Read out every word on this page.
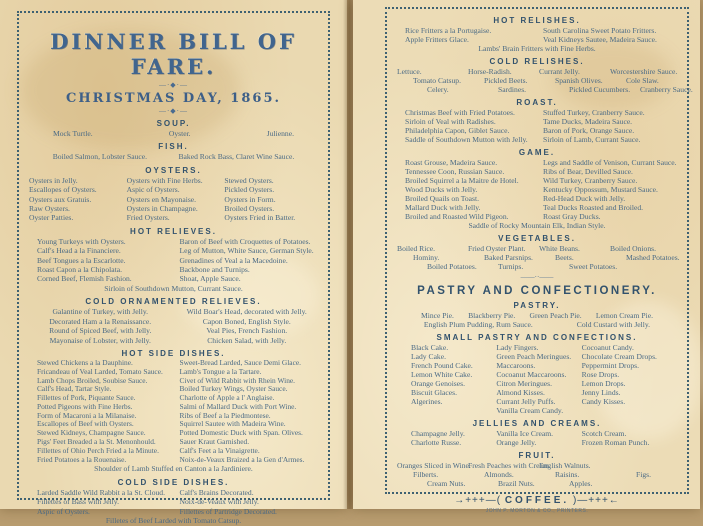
DINNER BILL OF FARE.
—·◆·—
CHRISTMAS DAY, 1865.
—·◆·—
SOUP.
Mock Turtle.	Oyster.	Julienne.
FISH.
Boiled Salmon, Lobster Sauce.	Baked Rock Bass, Claret Wine Sauce.
OYSTERS.
Oysters in Jelly.
Escallopes of Oysters.
Oysters aux Gratuis.
Raw Oysters.
Oyster Patties.
Oysters with Fine Herbs.
Aspic of Oysters.
Oysters en Mayonaise.
Oysters in Champagne.
Fried Oysters.
Stewed Oysters.
Pickled Oysters.
Oysters in Form.
Broiled Oysters.
Oysters Fried in Batter.
HOT RELIEVES.
Young Turkeys with Oysters.
Calf's Head a la Financiere.
Beef Tongues a la Escarlotte.
Roast Capon a la Chipolata.
Corned Beef, Flemish Fashion.
Baron of Beef with Croquettes of Potatoes.
Leg of Mutton, White Sauce, German Style.
Grenadines of Veal a la Macedoine.
Backbone and Turnips.
Shoat, Apple Sauce.
Sirloin of Southdown Mutton, Currant Sauce.
COLD ORNAMENTED RELIEVES.
Galantine of Turkey, with Jelly.
Decorated Ham a la Renaissance.
Round of Spiced Beef, with Jelly.
Mayonaise of Lobster, with Jelly.
Wild Boar's Head, decorated with Jelly.
Capon Boned, English Style.
Veal Pies, French Fashion.
Chicken Salad, with Jelly.
HOT SIDE DISHES.
Stewed Chickens a la Dauphine.
Fricandeau of Veal Larded, Tomato Sauce.
Lamb Chops Broiled, Soubise Sauce.
Calf's Head, Tartar Style.
Fillettes of Pork, Piquante Sauce.
Potted Pigeons with Fine Herbs.
Form of Macaroni a la Milanaise.
Escallopes of Beef with Oysters.
Stewed Kidneys, Champagne Sauce.
Pigs' Feet Breaded a la St. Menonhould.
Fillettes of Ohio Perch Fried a la Minute.
Fried Potatoes a la Rouenaise.
Sweet-Bread Larded, Sauce Demi Glace.
Lamb's Tongue a la Tartare.
Civet of Wild Rabbit with Rhein Wine.
Boiled Turkey Wings, Oyster Sauce.
Charlotte of Apple a l' Anglaise.
Salmi of Mallard Duck with Port Wine.
Ribs of Beef a la Piedmontese.
Squirrel Sautee with Madeira Wine.
Potted Domestic Duck with Span. Olives.
Sauer Kraut Garnished.
Calf's Feet a la Vinaigrette.
Noix-de-Veaux Braized a la Gen d'Armes.
Shoulder of Lamb Stuffed en Canton a la Jardiniere.
COLD SIDE DISHES.
Larded Saddle Wild Rabbit a la St. Cloud.
Fillettes of Bass with Jelly.
Aspic of Oysters.
Calf's Brains Decorated.
Noix-de-Veaux with Jelly.
Fillettes of Partridge Decorated.
Filletes of Beef Larded with Tomato Catsup.
HOT RELISHES.
Rice Fritters a la Portugaise.
Apple Fritters Glace.
South Carolina Sweet Potato Fritters.
Veal Kidneys Sautee, Madeira Sauce.
Lambs' Brain Fritters with Fine Herbs.
COLD RELISHES.
Lettuce.
Tomato Catsup.
Celery.
Horse-Radish.
Pickled Beets.
Sardines.
Currant Jelly.
Spanish Olives.
Pickled Cucumbers.
Worcestershire Sauce.
Cole Slaw.
Cranberry Sauce.
ROAST.
Christmas Beef with Fried Potatoes.
Sirloin of Veal with Radishes.
Philadelphia Capon, Giblet Sauce.
Saddle of Southdown Mutton with Jelly.
Stuffed Turkey, Cranberry Sauce.
Tame Ducks, Madeira Sauce.
Baron of Pork, Orange Sauce.
Sirloin of Lamb, Currant Sauce.
GAME.
Roast Grouse, Madeira Sauce.
Tennessee Coon, Russian Sauce.
Broiled Squirrel a la Maitre de Hotel.
Wood Ducks with Jelly.
Broiled Quails on Toast.
Mallard Duck with Jelly.
Broiled and Roasted Wild Pigeon.
Legs and Saddle of Venison, Currant Sauce.
Ribs of Bear, Devilled Sauce.
Wild Turkey, Cranberry Sauce.
Kentucky Oppossum, Mustard Sauce.
Red-Head Duck with Jelly.
Teal Ducks Roasted and Broiled.
Roast Gray Ducks.
Saddle of Rocky Mountain Elk, Indian Style.
VEGETABLES.
Boiled Rice.
Hominy.
Boiled Potatoes.
Fried Oyster Plant.
Baked Parsnips.
Turnips.
White Beans.
Beets.
Sweet Potatoes.
Boiled Onions.
Mashed Potatoes.
——··——
PASTRY AND CONFECTIONERY.
PASTRY.
Mince Pie. Blackberry Pie. Green Peach Pie. Lemon Cream Pie.
English Plum Pudding, Rum Sauce.	Cold Custard with Jelly.
SMALL PASTRY AND CONFECTIONS.
Black Cake.
Lady Cake.
French Pound Cake.
Lemon White Cake.
Orange Genoises.
Biscuit Glaces.
Algerines.
Lady Fingers.
Green Peach Meringues.
Maccaroons.
Cocoanut Maccaroons.
Citron Meringues.
Almond Kisses.
Currant Jelly Puffs.
Vanilla Cream Candy.
Cocoanut Candy.
Chocolate Cream Drops.
Peppermint Drops.
Rose Drops.
Lemon Drops.
Jenny Linds.
Candy Kisses.
JELLIES AND CREAMS.
Champagne Jelly.
Charlotte Russe.
Vanilla Ice Cream.
Orange Jelly.
Scotch Cream.
Frozen Roman Punch.
FRUIT.
Oranges Sliced in Wine.
Filberts.
Cream Nuts.
Fresh Peaches with Cream.
Almonds.
Brazil Nuts.
English Walnuts.
Raisins.
Apples.
Figs.
→+++—( COFFEE. )—+++←
JOHN P. MORTON & CO., PRINTERS.
